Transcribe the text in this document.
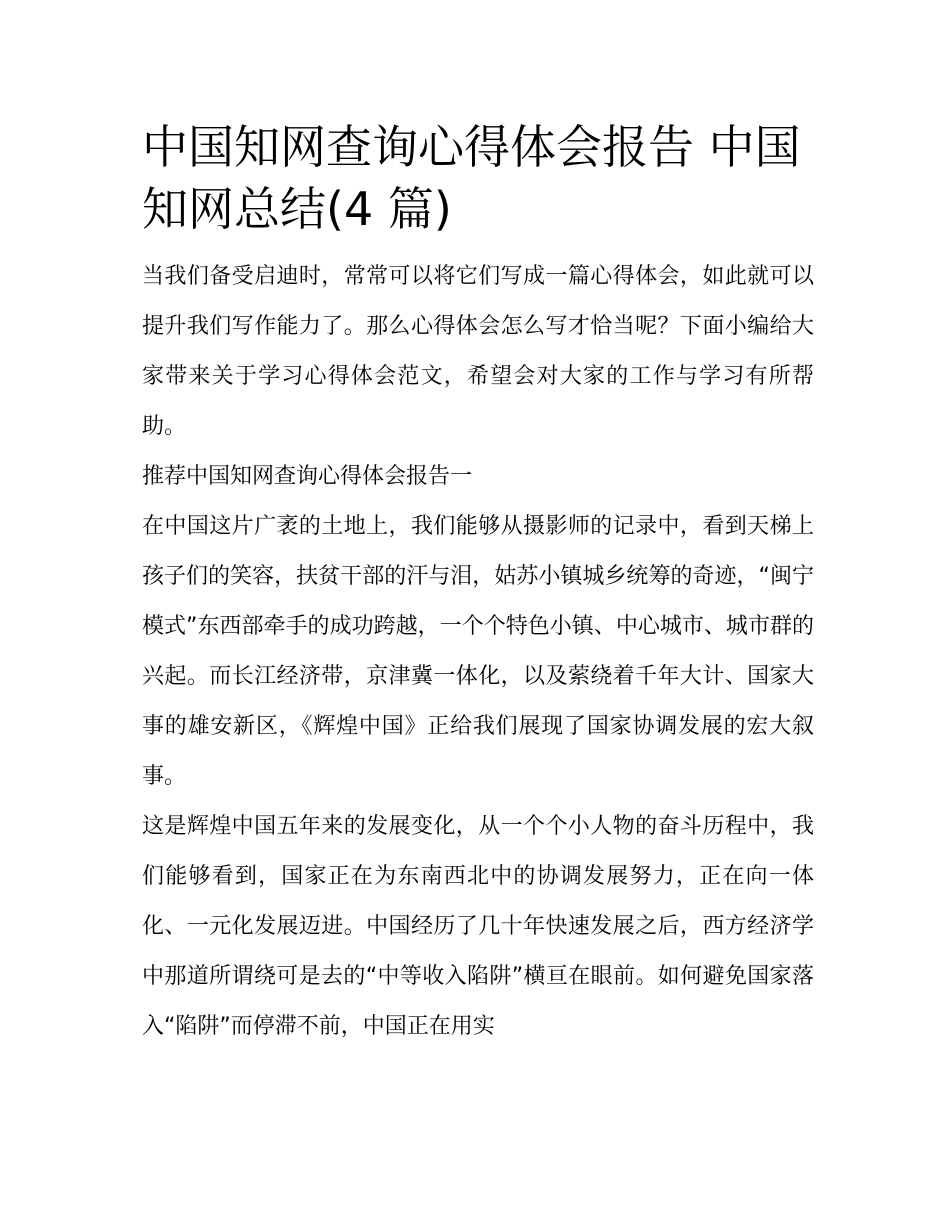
中国知网查询心得体会报告 中国知网总结(4 篇)

当我们备受启迪时，常常可以将它们写成一篇心得体会，如此就可以提升我们写作能力了。那么心得体会怎么写才恰当呢？下面小编给大家带来关于学习心得体会范文，希望会对大家的工作与学习有所帮助。

推荐中国知网查询心得体会报告一

在中国这片广袤的土地上，我们能够从摄影师的记录中，看到天梯上孩子们的笑容，扶贫干部的汗与泪，姑苏小镇城乡统筹的奇迹，“闽宁模式”东西部牵手的成功跨越，一个个特色小镇、中心城市、城市群的兴起。而长江经济带，京津冀一体化，以及萦绕着千年大计、国家大事的雄安新区，《辉煌中国》正给我们展现了国家协调发展的宏大叙事。

这是辉煌中国五年来的发展变化，从一个个小人物的奋斗历程中，我们能够看到，国家正在为东南西北中的协调发展努力，正在向一体化、一元化发展迈进。中国经历了几十年快速发展之后，西方经济学中那道所谓绕可是去的“中等收入陷阱”横亘在眼前。如何避免国家落入“陷阱”而停滞不前，中国正在用实
